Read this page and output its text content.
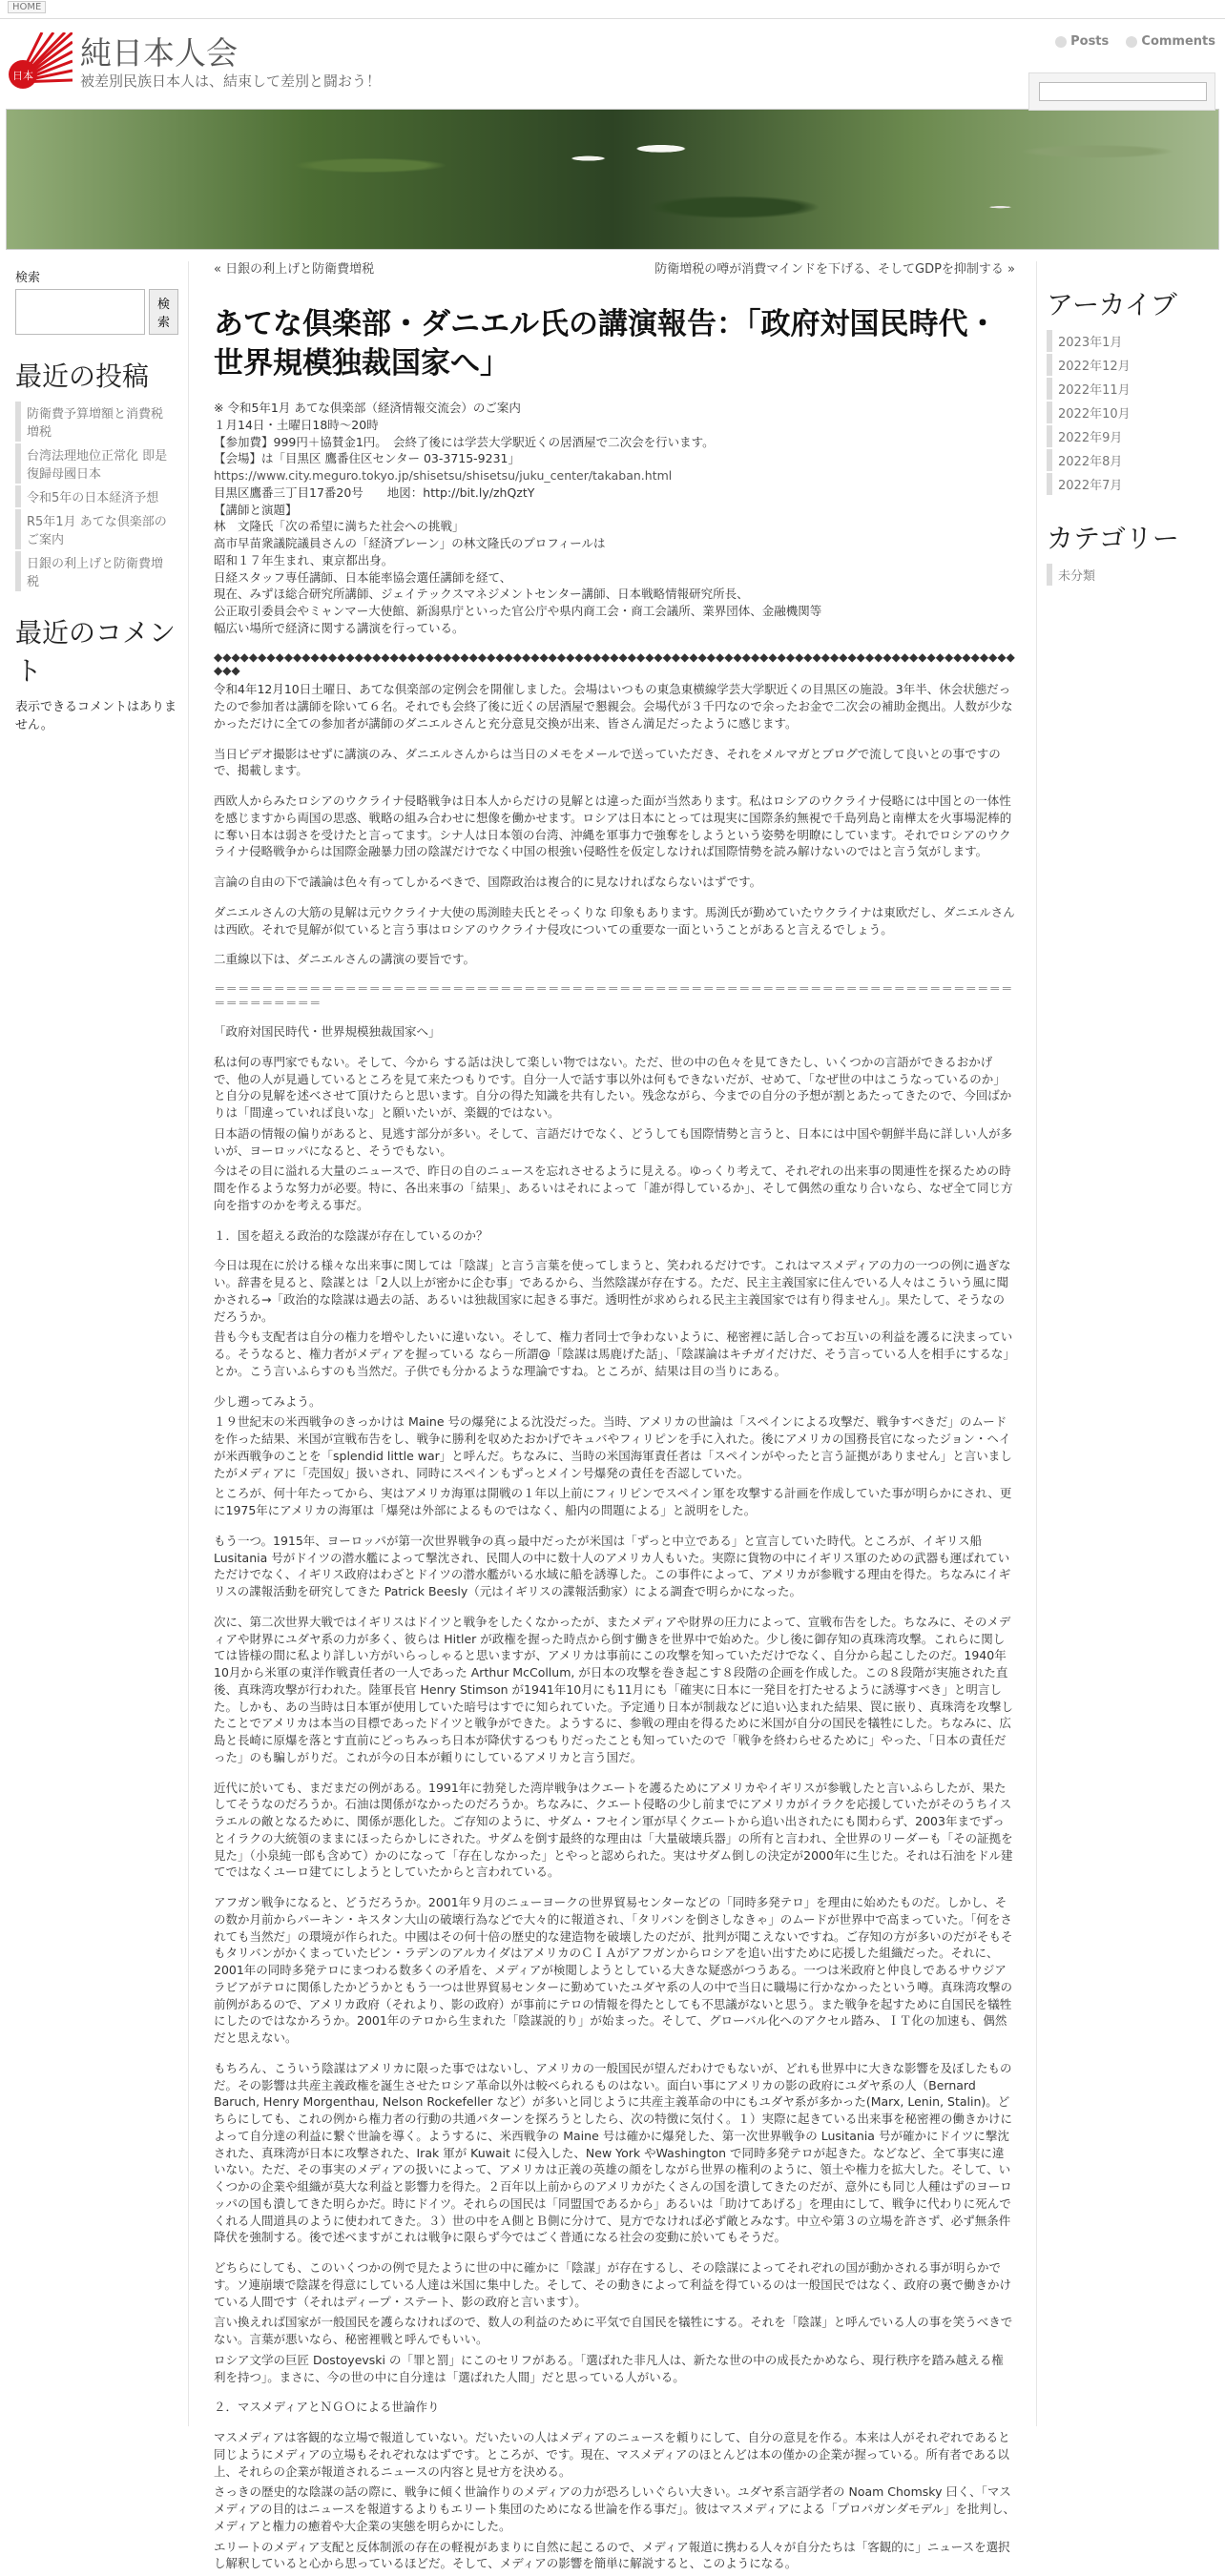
HOME
日本
純日本人会
被差別民族日本人は、結束して差別と闘おう！
Posts	Comments
検索
検索
最近の投稿
防衛費予算増額と消費税増税
台湾法理地位正常化 即是復歸母國日本
令和5年の日本経済予想
R5年1月 あてな倶楽部のご案内
日銀の利上げと防衛費増税
最近のコメント
表示できるコメントはありません。
« 日銀の利上げと防衛費増税	防衛増税の噂が消費マインドを下げる、そしてGDPを抑制する »
あてな倶楽部・ダニエル氏の講演報告：「政府対国民時代・世界規模独裁国家へ」
※ 令和5年1月 あてな倶楽部（経済情報交流会）のご案内
１月14日・土曜日18時～20時
【参加費】999円＋協賛金1円。　会終了後には学芸大学駅近くの居酒屋で二次会を行います。
【会場】は「目黒区 鷹番住区センター 03-3715-9231」
https://www.city.meguro.tokyo.jp/shisetsu/shisetsu/juku_center/takaban.html
目黒区鷹番三丁目17番20号　　地図：http://bit.ly/zhQztY
【講師と演題】
林　文隆氏「次の希望に満ちた社会への挑戦」
高市早苗衆議院議員さんの「経済ブレーン」の林文隆氏のプロフィールは
昭和１７年生まれ、東京都出身。
日経スタッフ専任講師、日本能率協会選任講師を経て、
現在、みずほ総合研究所講師、ジェイテックスマネジメントセンター講師、日本戦略情報研究所長、
公正取引委員会やミャンマー大使館、新潟県庁といった官公庁や県内商工会・商工会議所、業界団体、金融機関等
幅広い場所で経済に関する講演を行っている。

◆◆◆◆◆◆◆◆◆◆◆◆◆◆◆◆◆◆◆◆◆◆◆◆◆◆◆◆◆◆◆◆◆◆◆◆◆◆◆◆◆◆◆◆◆◆◆◆◆◆◆◆◆◆◆◆◆◆◆◆◆◆◆◆◆◆◆◆◆◆◆◆◆◆◆◆◆◆◆◆◆◆◆◆◆◆◆◆◆◆◆◆◆◆

令和4年12月10日土曜日、あてな倶楽部の定例会を開催しました。会場はいつもの東急東横線学芸大学駅近くの目黒区の施設。3年半、休会状態だったので参加者は講師を除いて６名。それでも会終了後に近くの居酒屋で懇親会。会場代が３千円なので余ったお金で二次会の補助金拠出。人数が少なかっただけに全ての参加者が講師のダニエルさんと充分意見交換が出来、皆さん満足だったように感じます。

当日ビデオ撮影はせずに講演のみ、ダニエルさんからは当日のメモをメールで送っていただき、それをメルマガとブログで流して良いとの事ですので、掲載します。

西欧人からみたロシアのウクライナ侵略戦争は日本人からだけの見解とは違った面が当然あります。私はロシアのウクライナ侵略には中国との一体性を感じますから両国の思惑、戦略の組み合わせに想像を働かせます。ロシアは日本にとっては現実に国際条約無視で千島列島と南樺太を火事場泥棒的に奪い日本は弱さを受けたと言ってます。シナ人は日本領の台湾、沖縄を軍事力で強奪をしようという姿勢を明瞭にしています。それでロシアのウクライナ侵略戦争からは国際金融暴力団の陰謀だけでなく中国の根強い侵略性を仮定しなければ国際情勢を読み解けないのではと言う気がします。

言論の自由の下で議論は色々有ってしかるべきで、国際政治は複合的に見なければならないはずです。

ダニエルさんの大筋の見解は元ウクライナ大使の馬渕睦夫氏とそっくりな 印象もあります。馬渕氏が勤めていたウクライナは東欧だし、ダニエルさんは西欧。それで見解が似ていると言う事はロシアのウクライナ侵攻についての重要な一面ということがあると言えるでしょう。

二重線以下は、ダニエルさんの講演の要旨です。

＝＝＝＝＝＝＝＝＝＝＝＝＝＝＝＝＝＝＝＝＝＝＝＝＝＝＝＝＝＝＝＝＝＝＝＝＝＝＝＝＝＝＝＝＝＝＝＝＝＝＝＝＝＝＝＝＝＝＝＝＝＝＝＝＝＝＝＝＝＝＝＝＝＝＝＝

「政府対国民時代・世界規模独裁国家へ」

私は何の専門家でもない。そして、今から する話は決して楽しい物ではない。ただ、世の中の色々を見てきたし、いくつかの言語ができるおかげで、他の人が見過しているところを見て来たつもりです。自分一人で話す事以外は何もできないだが、せめて、「なぜ世の中はこうなっているのか」と自分の見解を述べさせて頂けたらと思います。自分の得た知識を共有したい。残念ながら、今までの自分の予想が割とあたってきたので、今回ばかりは「間違っていれば良いな」と願いたいが、楽観的ではない。

日本語の情報の偏りがあると、見逃す部分が多い。そして、言語だけでなく、どうしても国際情勢と言うと、日本には中国や朝鮮半島に詳しい人が多いが、ヨーロッパになると、そうでもない。

今はその目に溢れる大量のニュースで、昨日の自のニュースを忘れさせるように見える。ゆっくり考えて、それぞれの出来事の関連性を探るための時間を作るような努力が必要。特に、各出来事の「結果」、あるいはそれによって「誰が得しているか」、そして偶然の重なり合いなら、なぜ全て同じ方向を指すのかを考える事だ。

１．国を超える政治的な陰謀が存在しているのか？

今日は現在に於ける様々な出来事に関しては「陰謀」と言う言葉を使ってしまうと、笑われるだけです。これはマスメディアの力の一つの例に過ぎない。辞書を見ると、陰謀とは「2人以上が密かに企む事」であるから、当然陰謀が存在する。ただ、民主主義国家に住んでいる人々はこういう風に聞かされる→「政治的な陰謀は過去の話、あるいは独裁国家に起きる事だ。透明性が求められる民主主義国家では有り得ません」。果たして、そうなのだろうか。

昔も今も支配者は自分の権力を増やしたいに違いない。そして、権力者同士で争わないように、秘密裡に話し合ってお互いの利益を護るに決まっている。そうなると、権力者がメディアを握っている なら－所謂@「陰謀は馬鹿げた話」、「陰謀論はキチガイだけだ、そう言っている人を相手にするな」とか。こう言いふらすのも当然だ。子供でも分かるような理論ですね。ところが、結果は目の当りにある。

少し遡ってみよう。

１９世紀末の米西戦争のきっかけは Maine 号の爆発による沈没だった。当時、アメリカの世論は「スペインによる攻撃だ、戦争すべきだ」のムードを作った結果、米国が宣戦布告をし、戦争に勝利を収めたおかげでキュバやフィリピンを手に入れた。後にアメリカの国務長官になったジョン・ヘイが米西戦争のことを「splendid little war」と呼んだ。ちなみに、当時の米国海軍責任者は「スペインがやったと言う証拠がありません」と言いましたがメディアに「売国奴」扱いされ、同時にスペインもずっとメイン号爆発の責任を否認していた。

ところが、何十年たってから、実はアメリカ海軍は開戦の１年以上前にフィリピンでスペイン軍を攻撃する計画を作成していた事が明らかにされ、更に1975年にアメリカの海軍は「爆発は外部によるものではなく、船内の問題による」と説明をした。

もう一つ。1915年、ヨーロッパが第一次世界戦争の真っ最中だったが米国は「ずっと中立である」と宣言していた時代。ところが、イギリス船Lusitania 号がドイツの潜水艦によって撃沈され、民間人の中に数十人のアメリカ人もいた。実際に貨物の中にイギリス軍のための武器も運ばれていただけでなく、イギリス政府はわざとドイツの潜水艦がいる水域に船を誘導した。この事件によって、アメリカが参戦する理由を得た。ちなみにイギリスの諜報活動を研究してきた Patrick Beesly（元はイギリスの諜報活動家）による調査で明らかになった。

次に、第二次世界大戦ではイギリスはドイツと戦争をしたくなかったが、またメディアや財界の圧力によって、宣戦布告をした。ちなみに、そのメディアや財界にユダヤ系の力が多く、彼らは Hitler が政権を握った時点から倒す働きを世界中で始めた。少し後に御存知の真珠湾攻撃。これらに関しては皆様の間に私より詳しい方がいらっしゃると思いますが、アメリカは事前にこの攻撃を知っていただけでなく、自分から起こしたのだ。1940年10月から米軍の東洋作戦責任者の一人であった Arthur McCollum, が日本の攻撃を巻き起こす８段階の企画を作成した。この８段階が実施された直後、真珠湾攻撃が行われた。陸軍長官 Henry Stimson が1941年10月にも11月にも「確実に日本に一発目を打たせるように誘導すべき」と明言した。しかも、あの当時は日本軍が使用していた暗号はすでに知られていた。予定通り日本が制裁などに追い込まれた結果、罠に嵌り、真珠湾を攻撃したことでアメリカは本当の目標であったドイツと戦争ができた。ようするに、参戦の理由を得るために米国が自分の国民を犠牲にした。ちなみに、広島と長崎に原爆を落とす直前にどっちみっち日本が降伏するつもりだったことも知っていたので「戦争を終わらせるために」やった、「日本の責任だった」のも騙しがりだ。これが今の日本が頼りにしているアメリカと言う国だ。

近代に於いても、まだまだの例がある。1991年に勃発した湾岸戦争はクエートを護るためにアメリカやイギリスが参戦したと言いふらしたが、果たしてそうなのだろうか。石油は関係がなかったのだろうか。ちなみに、クエート侵略の少し前までにアメリカがイラクを応援していたがそのうちイスラエルの敵となるために、関係が悪化した。ご存知のように、サダム・フセイン軍が早くクエートから追い出されたにも関わらず、2003年までずっとイラクの大統領のままにほったらかしにされた。サダムを倒す最終的な理由は「大量破壊兵器」の所有と言われ、全世界のリーダーも「その証拠を見た」（小泉純一郎も含めて）かのになって「存在しなかった」とやっと認められた。実はサダム倒しの決定が2000年に生じた。それは石油をドル建てではなくユーロ建てにしようとしていたからと言われている。

アフガン戦争になると、どうだろうか。2001年９月のニューヨークの世界貿易センターなどの「同時多発テロ」を理由に始めたものだ。しかし、その数か月前からパーキン・キスタン大山の破壊行為などで大々的に報道され、「タリバンを倒さしなきゃ」のムードが世界中で高まっていた。「何をされても当然だ」の環境が作られた。中國はその何十倍の歴史的な建造物を破壊したのだが、批判が聞こえないですね。ご存知の方が多いのだがそもそもタリバンがかくまっていたビン・ラデンのアルカイダはアメリカのＣＩＡがアフガンからロシアを追い出すために応援した組織だった。それに、2001年の同時多発テロにまつわる数多くの矛盾を、メディアが検閲しようとしている大きな疑惑がつうある。一つは米政府と仲良しであるサウジアラビアがテロに関係したかどうかともう一つは世界貿易センターに勤めていたユダヤ系の人の中で当日に職場に行かなかったという噂。真珠湾攻撃の前例があるので、アメリカ政府（それより、影の政府）が事前にテロの情報を得たとしても不思議がないと思う。また戦争を起すために自国民を犠牲にしたのではなかろうか。2001年のテロから生まれた「陰謀説的り」が始まった。そして、グローバル化へのアクセル踏み、ＩＴ化の加速も、偶然だと思えない。

もちろん、こういう陰謀はアメリカに限った事ではないし、アメリカの一般国民が望んだわけでもないが、どれも世界中に大きな影響を及ぼしたものだ。その影響は共産主義政権を誕生させたロシア革命以外は較べられるものはない。面白い事にアメリカの影の政府にユダヤ系の人（Bernard Baruch, Henry Morgenthau, Nelson Rockefeller など）が多いと同じように共産主義革命の中にもユダヤ系が多かった(Marx, Lenin, Stalin)。どちらにしても、これの例から権力者の行動の共通パターンを探ろうとしたら、次の特徴に気付く。１）実際に起きている出来事を秘密裡の働きかけによって自分達の利益に繋ぐ世論を導く。ようするに、米西戦争の Maine 号は確かに爆発した、第一次世界戦争の Lusitania 号が確かにドイツに撃沈された、真珠湾が日本に攻撃された、Irak 軍が Kuwait に侵入した、New York やWashington で同時多発テロが起きた。などなど、全て事実に違いない。ただ、その事実のメディアの扱いによって、アメリカは正義の英雄の顔をしながら世界の権利のように、領土や権力を拡大した。そして、いくつかの企業や組織が莫大な利益と影響力を得た。２百年以上前からのアメリカがたくさんの国を潰してきたのだが、意外にも同じ人種はずのヨーロッパの国も潰してきた明らかだ。時にドイツ。それらの国民は「同盟国であるから」あるいは「助けてあげる」を理由にして、戦争に代わりに死んでくれる人間道具のように使われてきた。３）世の中をＡ側とＢ側に分けて、見方でなければ必ず敵とみなす。中立や第３の立場を許さず、必ず無条件降伏を強制する。後で述べますがこれは戦争に限らず今ではごく普通になる社会の変動に於いてもそうだ。

どちらにしても、このいくつかの例で見たように世の中に確かに「陰謀」が存在するし、その陰謀によってそれぞれの国が動かされる事が明らかです。ソ連崩壊で陰謀を得意にしている人達は米国に集中した。そして、その動きによって利益を得ているのは一般国民ではなく、政府の裏で働きかけている人間です（それはディープ・ステート、影の政府と言います）。

言い換えれば国家が一般国民を護らなければので、数人の利益のために平気で自国民を犠牲にする。それを「陰謀」と呼んでいる人の事を笑うべきでない。言葉が悪いなら、秘密裡戦と呼んでもいい。

ロシア文学の巨匠 Dostoyevski の「罪と罰」にこのセリフがある。「選ばれた非凡人は、新たな世の中の成長たかめなら、現行秩序を踏み越える権利を持つ」。まさに、今の世の中に自分達は「選ばれた人間」だと思っている人がいる。

２．マスメディアとＮＧＯによる世論作り

マスメディアは客観的な立場で報道していない。だいたいの人はメディアのニュースを頼りにして、自分の意見を作る。本来は人がそれぞれであると同じようにメディアの立場もそれぞれなはずです。ところが、です。現在、マスメディアのほとんどは本の僅かの企業が握っている。所有者である以上、それらの企業が報道されるニュースの内容と見せ方を決める。

さっきの歴史的な陰謀の話の際に、戦争に傾く世論作りのメディアの力が恐ろしいぐらい大きい。ユダヤ系言語学者の Noam Chomsky 曰く、「マスメディアの目的はニュースを報道するよりもエリート集団のためになる世論を作る事だ」。彼はマスメディアによる「プロパガンダモデル」を批判し、メディアと権力の癒着や大企業の実態を明らかにした。

エリートのメディア支配と反体制派の存在の軽視があまりに自然に起こるので、メディア報道に携わる人々が自分たちは「客観的に」ニュースを選択し解釈していると心から思っているほどだ。そして、メディアの影響を簡単に解説すると、このようになる。

アーカイブ
2023年1月
2022年12月
2022年11月
2022年10月
2022年9月
2022年8月
2022年7月
カテゴリー
未分類
